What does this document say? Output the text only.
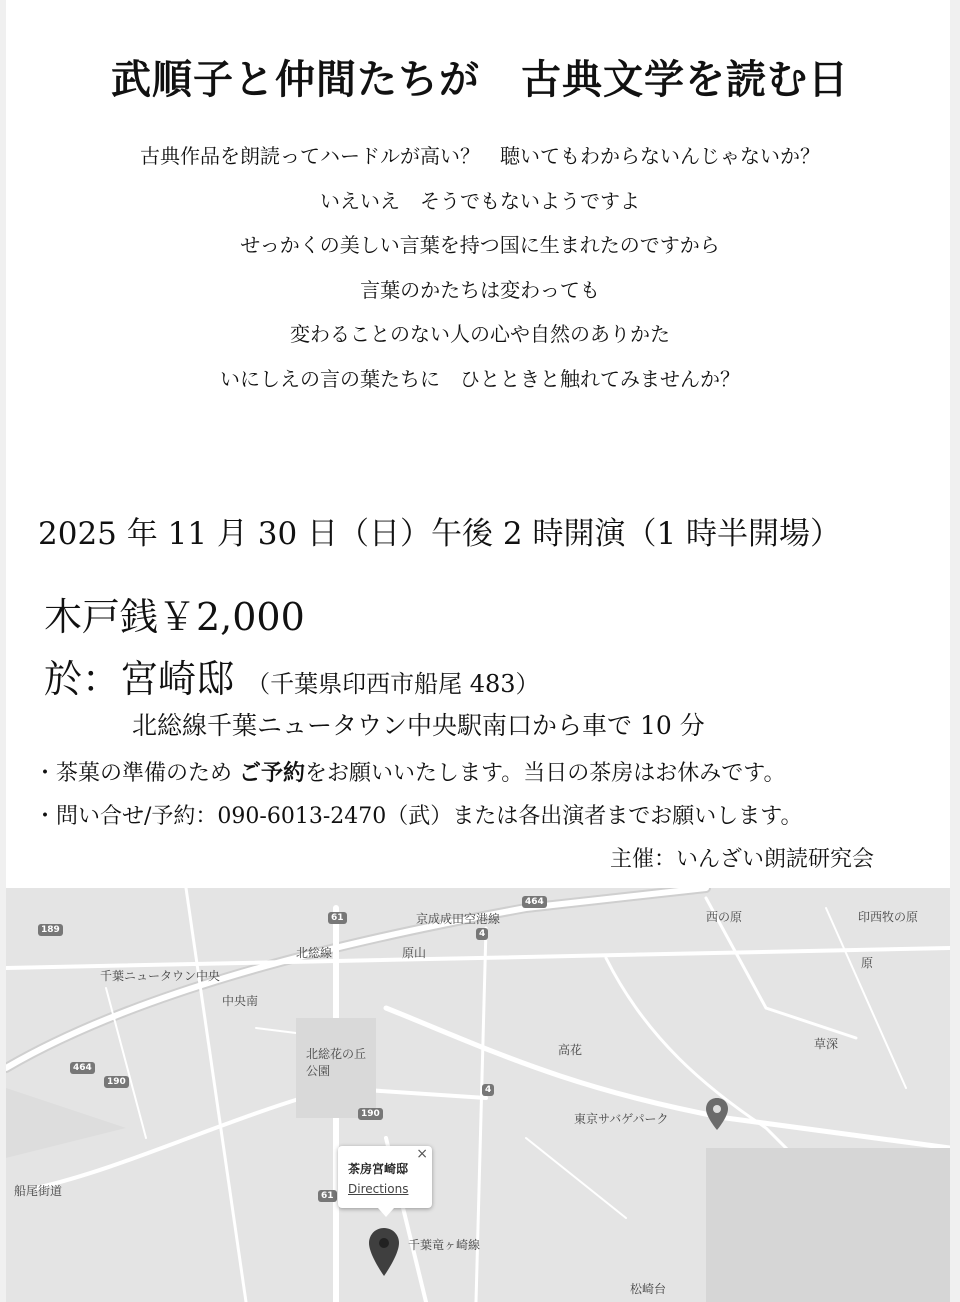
武順子と仲間たちが　古典文学を読む日
古典作品を朗読ってハードルが高い？　聴いてもわからないんじゃないか？
いえいえ　そうでもないようですよ
せっかくの美しい言葉を持つ国に生まれたのですから
言葉のかたちは変わっても
変わることのない人の心や自然のありかた
いにしえの言の葉たちに　ひとときと触れてみませんか？
2025 年 11 月 30 日（日）午後 2 時開演（1 時半開場）
木戸銭￥2,000
於：宮崎邸 （千葉県印西市船尾 483）
北総線千葉ニュータウン中央駅南口から車で 10 分
・茶菓の準備のため ご予約をお願いいたします。当日の茶房はお休みです。
・問い合せ/予約：090-6013-2470（武）または各出演者までお願いします。
主催：いんざい朗読研究会
京成成田空港線	西の原	印西牧の原
千葉ニュータウン中央
中央南
原山
北総線
原
草深
高花
北総花の丘公園
東京サバゲパーク
船尾街道
千葉竜ヶ崎線
松崎台
189
61
464
4
464
190
190
4
61
茶房宮崎邸
Directions
×
